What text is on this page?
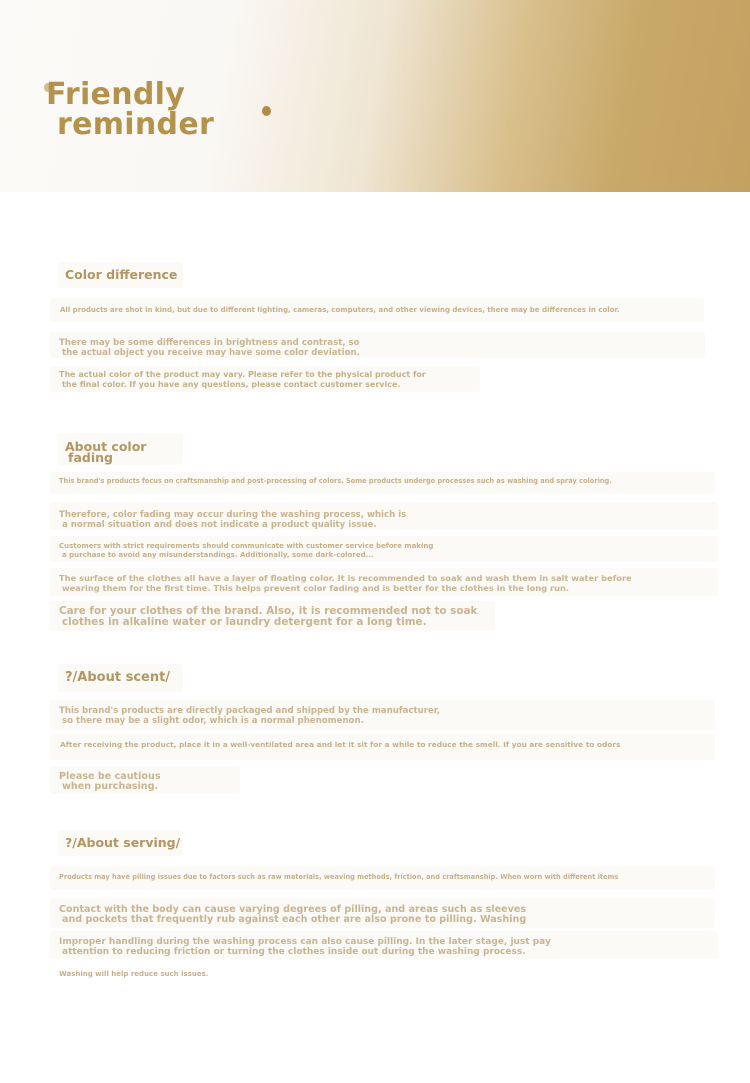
Friendly
reminder
Color difference
All products are shot in kind, but due to different lighting, cameras, computers, and other viewing devices, there may be differences in color.
There may be some differences in brightness and contrast, so
the actual object you receive may have some color deviation.
The actual color of the product may vary. Please refer to the physical product for
the final color. If you have any questions, please contact customer service.
About color
fading
This brand's products focus on craftsmanship and post-processing of colors. Some products undergo processes such as washing and spray coloring.
Therefore, color fading may occur during the washing process, which is
a normal situation and does not indicate a product quality issue.
Customers with strict requirements should communicate with customer service before making
a purchase to avoid any misunderstandings. Additionally, some dark-colored...
The surface of the clothes all have a layer of floating color. It is recommended to soak and wash them in salt water before
wearing them for the first time. This helps prevent color fading and is better for the clothes in the long run.
Care for your clothes of the brand. Also, it is recommended not to soak
clothes in alkaline water or laundry detergent for a long time.
?/About scent/
This brand's products are directly packaged and shipped by the manufacturer,
so there may be a slight odor, which is a normal phenomenon.
After receiving the product, place it in a well-ventilated area and let it sit for a while to reduce the smell. If you are sensitive to odors
Please be cautious
when purchasing.
?/About serving/
Products may have pilling issues due to factors such as raw materials, weaving methods, friction, and craftsmanship. When worn with different items
Contact with the body can cause varying degrees of pilling, and areas such as sleeves
and pockets that frequently rub against each other are also prone to pilling. Washing
Improper handling during the washing process can also cause pilling. In the later stage, just pay
attention to reducing friction or turning the clothes inside out during the washing process.
Washing will help reduce such issues.
